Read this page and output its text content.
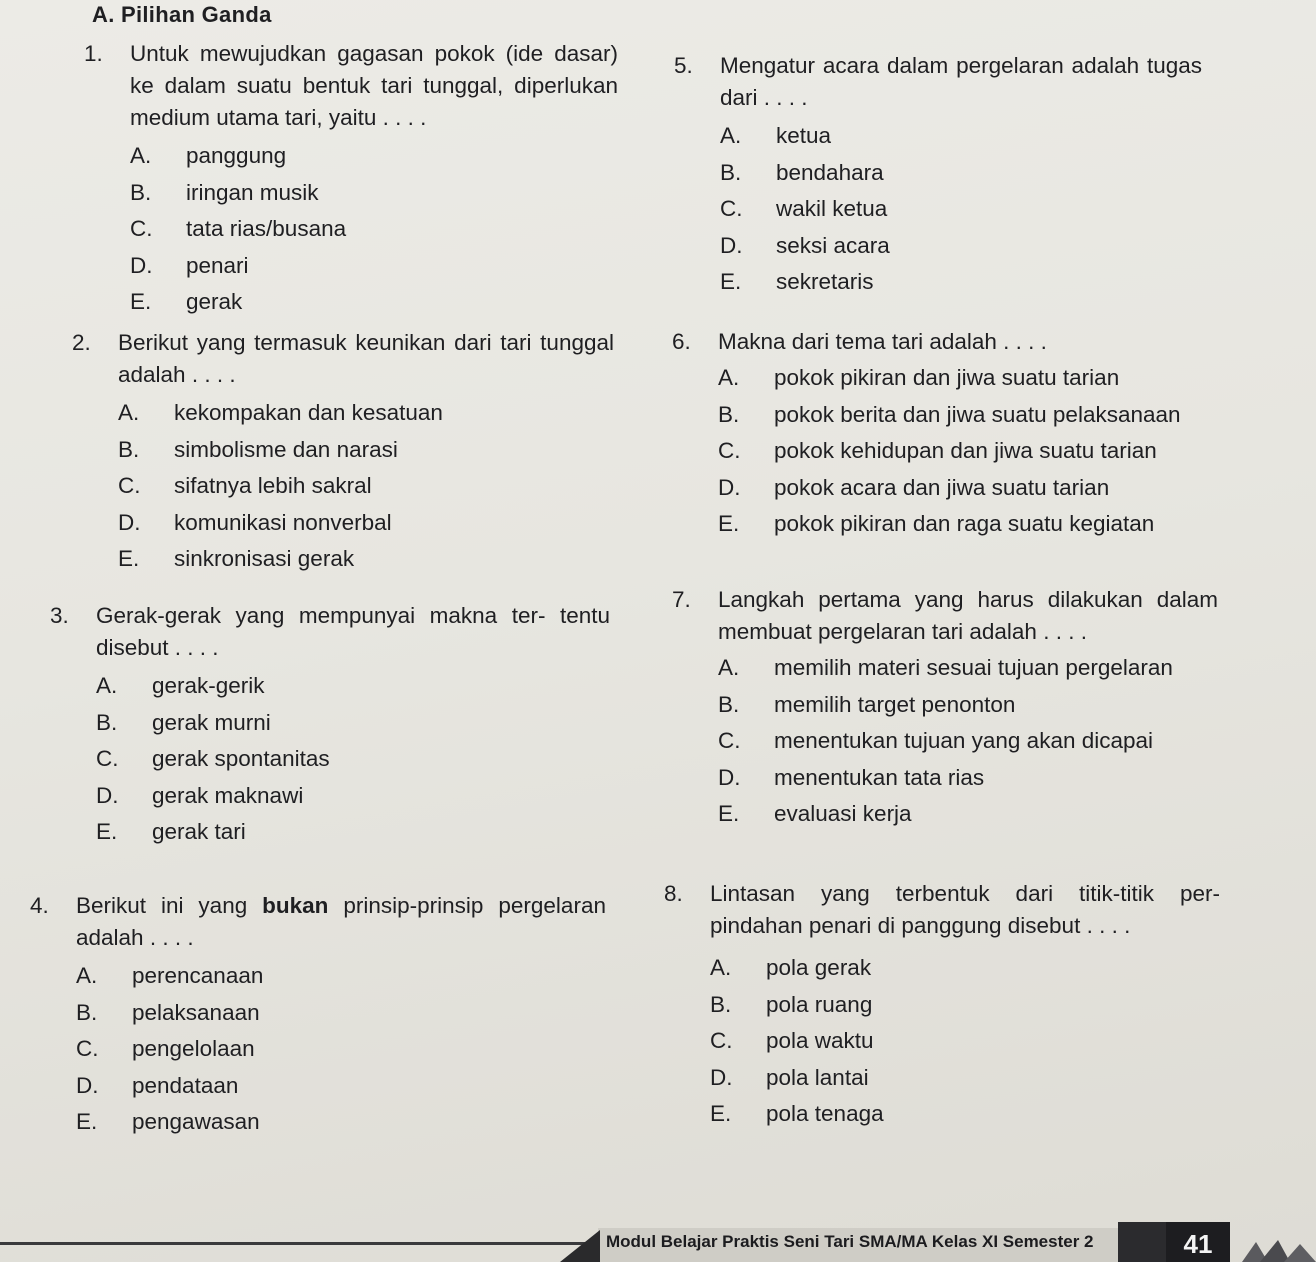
A. Pilihan Ganda
1. Untuk mewujudkan gagasan pokok (ide dasar) ke dalam suatu bentuk tari tunggal, diperlukan medium utama tari, yaitu . . . .
A.	panggung
B.	iringan musik
C.	tata rias/busana
D.	penari
E.	gerak
2. Berikut yang termasuk keunikan dari tari tunggal adalah . . . .
A.	kekompakan dan kesatuan
B.	simbolisme dan narasi
C.	sifatnya lebih sakral
D.	komunikasi nonverbal
E.	sinkronisasi gerak
3. Gerak-gerak yang mempunyai makna ter- tentu disebut . . . .
A.	gerak-gerik
B.	gerak murni
C.	gerak spontanitas
D.	gerak maknawi
E.	gerak tari
4. Berikut ini yang bukan prinsip-prinsip pergelaran adalah . . . .
A.	perencanaan
B.	pelaksanaan
C.	pengelolaan
D.	pendataan
E.	pengawasan
5. Mengatur acara dalam pergelaran adalah tugas dari . . . .
A.	ketua
B.	bendahara
C.	wakil ketua
D.	seksi acara
E.	sekretaris
6. Makna dari tema tari adalah . . . .
A.	pokok pikiran dan jiwa suatu tarian
B.	pokok berita dan jiwa suatu pelaksanaan
C.	pokok kehidupan dan jiwa suatu tarian
D.	pokok acara dan jiwa suatu tarian
E.	pokok pikiran dan raga suatu kegiatan
7. Langkah pertama yang harus dilakukan dalam membuat pergelaran tari adalah . . . .
A.	memilih materi sesuai tujuan pergelaran
B.	memilih target penonton
C.	menentukan tujuan yang akan dicapai
D.	menentukan tata rias
E.	evaluasi kerja
8. Lintasan yang terbentuk dari titik-titik per- pindahan penari di panggung disebut . . . .
A.	pola gerak
B.	pola ruang
C.	pola waktu
D.	pola lantai
E.	pola tenaga
Modul Belajar Praktis Seni Tari SMA/MA Kelas XI Semester 2	41
